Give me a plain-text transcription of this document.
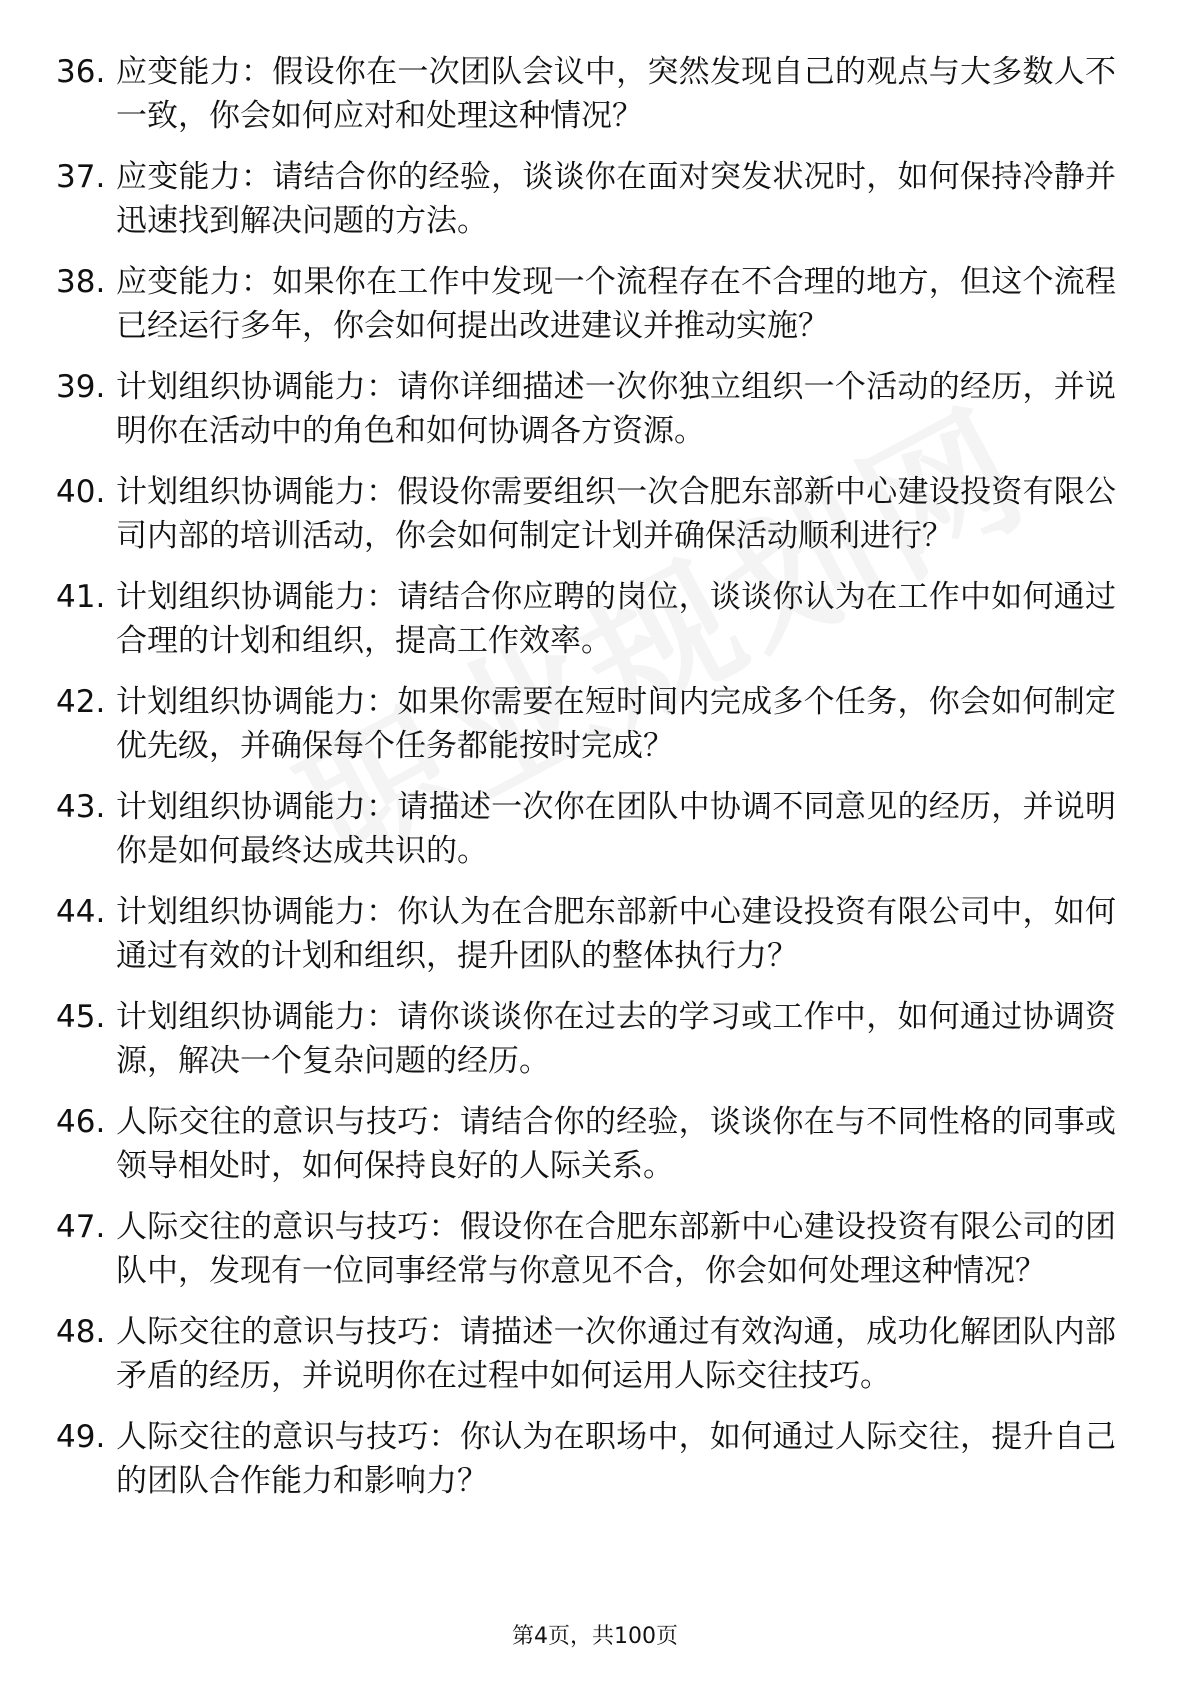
36. 应变能力：假设你在一次团队会议中，突然发现自己的观点与大多数人不一致，你会如何应对和处理这种情况？
37. 应变能力：请结合你的经验，谈谈你在面对突发状况时，如何保持冷静并迅速找到解决问题的方法。
38. 应变能力：如果你在工作中发现一个流程存在不合理的地方，但这个流程已经运行多年，你会如何提出改进建议并推动实施？
39. 计划组织协调能力：请你详细描述一次你独立组织一个活动的经历，并说明你在活动中的角色和如何协调各方资源。
40. 计划组织协调能力：假设你需要组织一次合肥东部新中心建设投资有限公司内部的培训活动，你会如何制定计划并确保活动顺利进行？
41. 计划组织协调能力：请结合你应聘的岗位，谈谈你认为在工作中如何通过合理的计划和组织，提高工作效率。
42. 计划组织协调能力：如果你需要在短时间内完成多个任务，你会如何制定优先级，并确保每个任务都能按时完成？
43. 计划组织协调能力：请描述一次你在团队中协调不同意见的经历，并说明你是如何最终达成共识的。
44. 计划组织协调能力：你认为在合肥东部新中心建设投资有限公司中，如何通过有效的计划和组织，提升团队的整体执行力？
45. 计划组织协调能力：请你谈谈你在过去的学习或工作中，如何通过协调资源，解决一个复杂问题的经历。
46. 人际交往的意识与技巧：请结合你的经验，谈谈你在与不同性格的同事或领导相处时，如何保持良好的人际关系。
47. 人际交往的意识与技巧：假设你在合肥东部新中心建设投资有限公司的团队中，发现有一位同事经常与你意见不合，你会如何处理这种情况？
48. 人际交往的意识与技巧：请描述一次你通过有效沟通，成功化解团队内部矛盾的经历，并说明你在过程中如何运用人际交往技巧。
49. 人际交往的意识与技巧：你认为在职场中，如何通过人际交往，提升自己的团队合作能力和影响力？
第4页，共100页
